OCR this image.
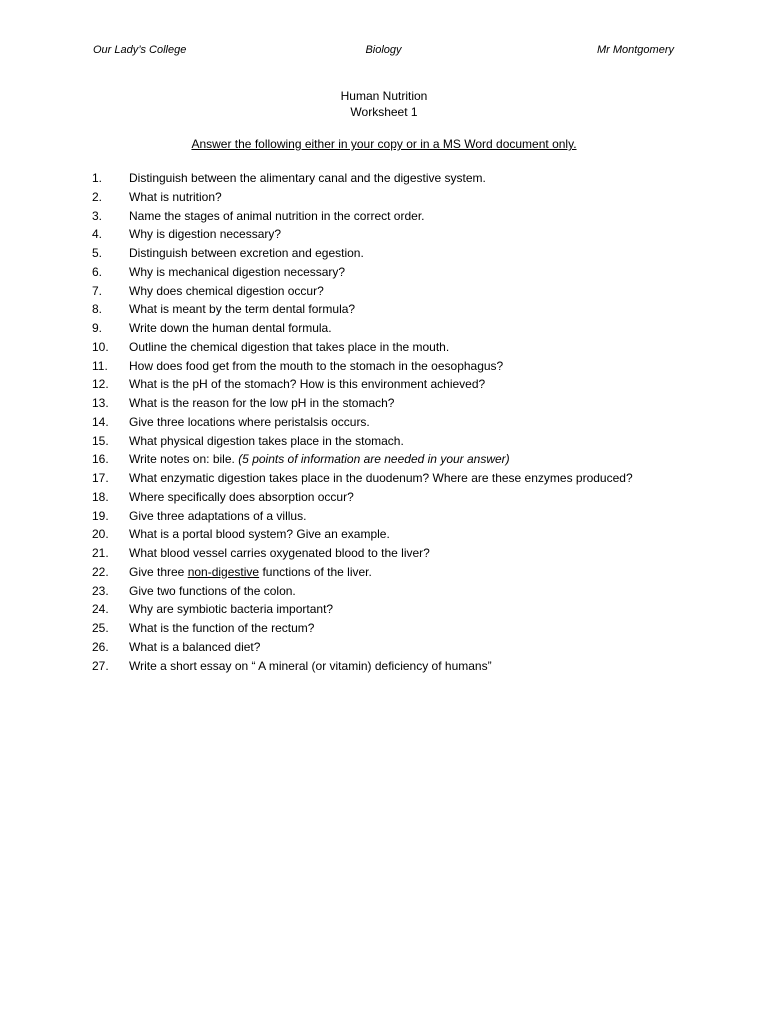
Our Lady’s College	Biology	Mr Montgomery
Human Nutrition
Worksheet 1
Answer the following either in your copy or in a MS Word document only.
1. Distinguish between the alimentary canal and the digestive system.
2. What is nutrition?
3. Name the stages of animal nutrition in the correct order.
4. Why is digestion necessary?
5. Distinguish between excretion and egestion.
6. Why is mechanical digestion necessary?
7. Why does chemical digestion occur?
8. What is meant by the term dental formula?
9. Write down the human dental formula.
10. Outline the chemical digestion that takes place in the mouth.
11. How does food get from the mouth to the stomach in the oesophagus?
12. What is the pH of the stomach? How is this environment achieved?
13. What is the reason for the low pH in the stomach?
14. Give three locations where peristalsis occurs.
15. What physical digestion takes place in the stomach.
16. Write notes on: bile. (5 points of information are needed in your answer)
17. What enzymatic digestion takes place in the duodenum? Where are these enzymes produced?
18. Where specifically does absorption occur?
19. Give three adaptations of a villus.
20. What is a portal blood system? Give an example.
21. What blood vessel carries oxygenated blood to the liver?
22. Give three non-digestive functions of the liver.
23. Give two functions of the colon.
24. Why are symbiotic bacteria important?
25. What is the function of the rectum?
26. What is a balanced diet?
27. Write a short essay on “ A mineral (or vitamin) deficiency of humans”
